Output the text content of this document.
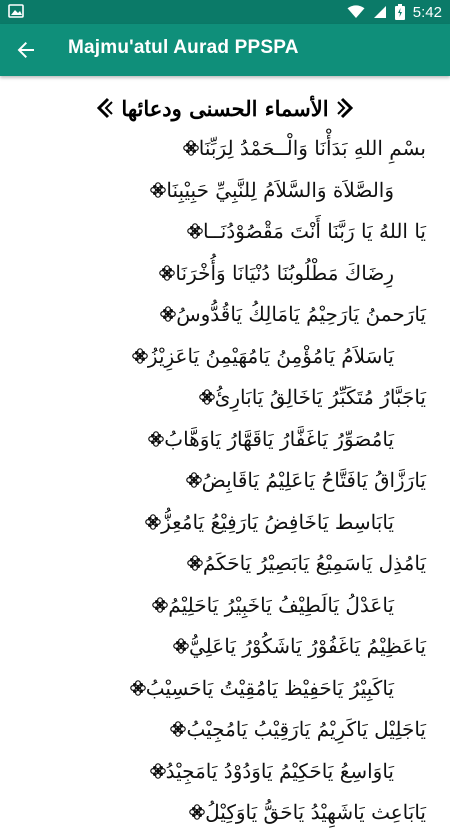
5:42
Majmu'atul Aurad PPSPA
الأسماء الحسنى ودعائها
بسْمِ اللهِ بَدَأْنَا وَالْــحَمْدُ لِرَبِّنَا
وَالصَّلاَة وَالسَّلاَمُ لِلنَّبِيِّ حَبِيْبِنَا
يَا اللهُ يَا رَبَّنَا أَنْتَ مَقْصُوْدُنَــا
رِضَاكَ مَطْلُوبُنَا دُنْيَانَا وَأُخْرَنَا
يَارَحمنُ يَارَحِيْمُ يَامَالِكُ يَاقُدُّوسُ
يَاسَلاَمُ يَامُؤْمِنُ يَامُهَيْمِنُ يَاعَزِيْزُ
يَاجَبَّارُ مُتَكَبِّرُ يَاخَالِقُ يَابَارِئُ
يَامُصَوِّرُ يَاغَفَّارُ يَاقَهَّارُ يَاوَهَّابُ
يَارَزَّاقُ يَافَتَّاحُ يَاعَلِيْمُ يَاقَابِضُ
يَابَاسِط يَاخَافِضُ يَارَفِيْعُ يَامُعِزُّ
يَامُذِل يَاسَمِيْعُ يَابَصِيْرُ يَاحَكَمُ
يَاعَدْلُ يَالَطِيْفُ يَاخَبِيْرُ يَاحَلِيْمُ
يَاعَظِيْمُ يَاغَفُوْرُ يَاشَكُوْرُ يَاعَلِيُّ
يَاكَبِيْرُ يَاحَفِيْظ يَامُقِيْتُ يَاحَسِيْبُ
يَاجَلِيْل يَاكَرِيْمُ يَارَقِيْبُ يَامُجِيْبُ
يَاوَاسِعُ يَاحَكِيْمُ يَاوَدُوْدُ يَامَجِيْدُ
يَابَاعِث يَاشَهِيْدُ يَاحَقُّ يَاوَكِيْلُ
